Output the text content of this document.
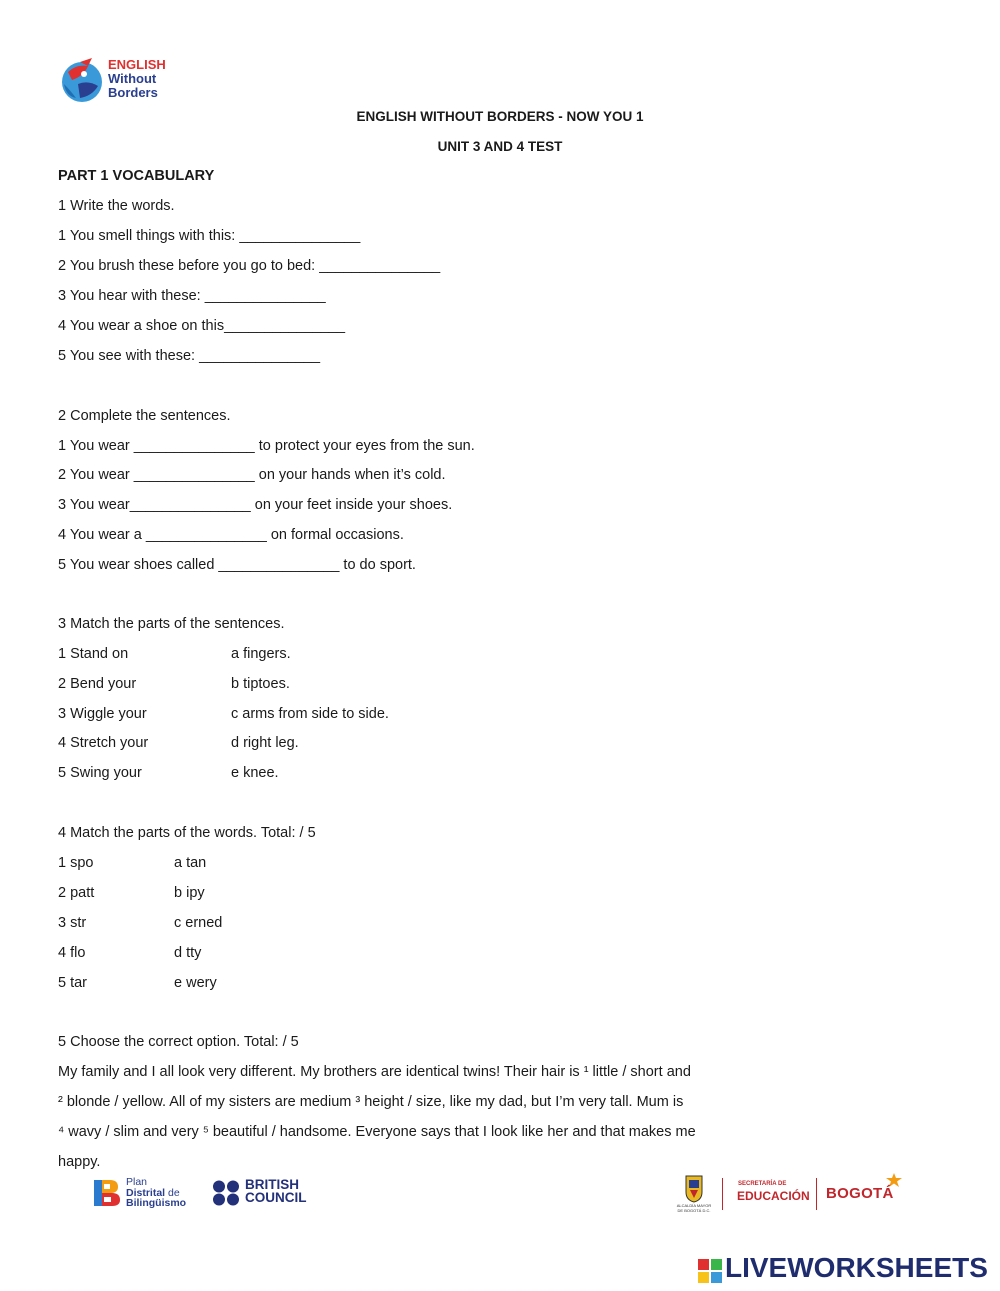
ENGLISH
Without
Borders
ENGLISH WITHOUT BORDERS - NOW YOU 1
UNIT 3 AND 4 TEST
PART 1 VOCABULARY
1 Write the words.
1 You smell things with this: _______________
2 You brush these before you go to bed: _______________
3 You hear with these: _______________
4 You wear a shoe on this_______________
5 You see with these: _______________
2 Complete the sentences.
1 You wear _______________ to protect your eyes from the sun.
2 You wear _______________ on your hands when it’s cold.
3 You wear_______________ on your feet inside your shoes.
4 You wear a _______________ on formal occasions.
5 You wear shoes called _______________ to do sport.
3 Match the parts of the sentences.
1 Stand on	a fingers.
2 Bend your	b tiptoes.
3 Wiggle your	c arms from side to side.
4 Stretch your	d right leg.
5 Swing your	e knee.
4 Match the parts of the words. Total: / 5
1 spo	a tan
2 patt	b ipy
3 str	c erned
4 flo	d tty
5 tar	e wery
5 Choose the correct option. Total: / 5
My family and I all look very different. My brothers are identical twins! Their hair is ¹ little / short and
² blonde / yellow. All of my sisters are medium ³ height / size, like my dad, but I’m very tall. Mum is
⁴ wavy / slim and very ⁵ beautiful / handsome. Everyone says that I look like her and that makes me
happy.
Plan
Distrital de
Bilingüismo
BRITISH
COUNCIL
ALCALDÍA MAYOR
DE BOGOTÁ D.C.
SECRETARÍA DE
EDUCACIÓN BOGOTÁ
LIVEWORKSHEETS
